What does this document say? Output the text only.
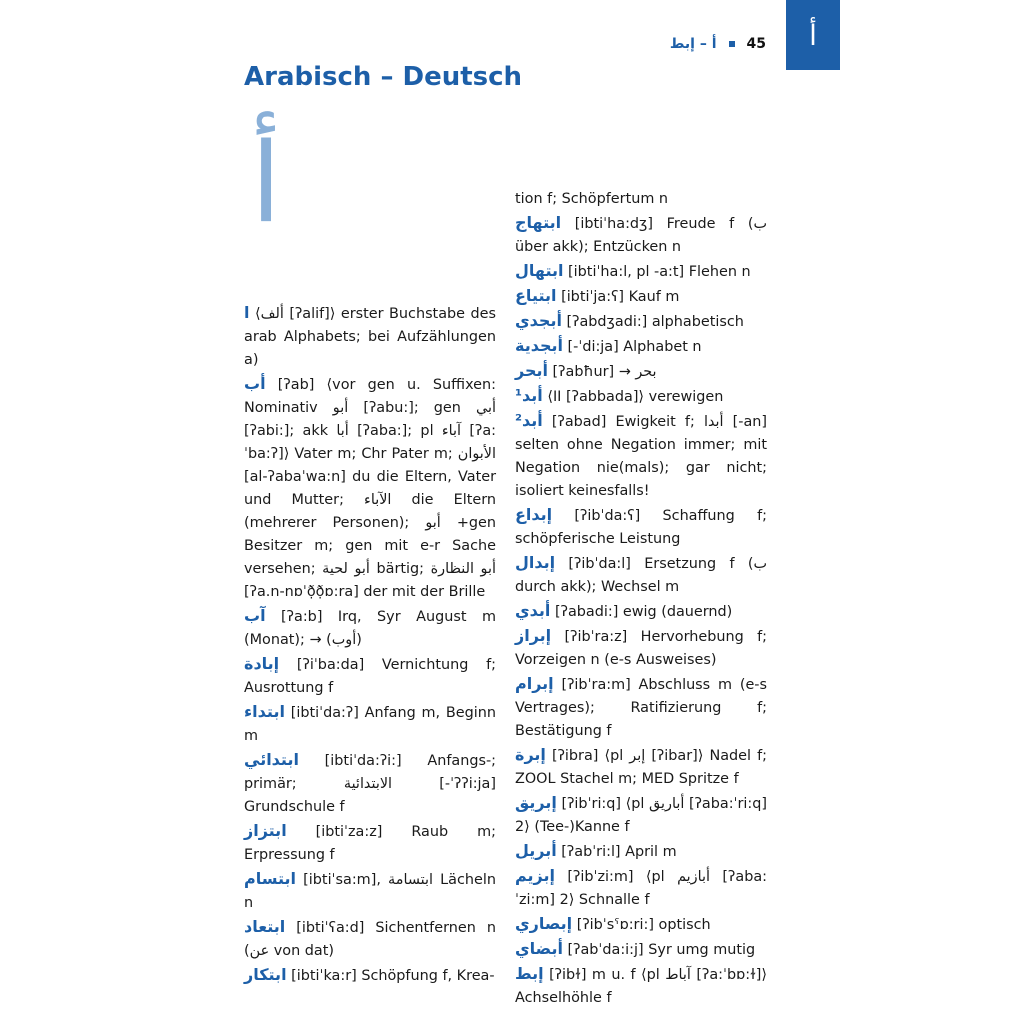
أ
أ – إبط 45
Arabisch – Deutsch
أ

ا ⟨ألف [ʔalif]⟩ erster Buchstabe des arab Alphabets; bei Aufzählungen a)

أب [ʔab] ⟨vor gen u. Suffixen: Nominativ أبو [ʔabu:]; gen أبي [ʔabi:]; akk أبا [ʔaba:]; pl آباء [ʔa:ˈba:ʔ]⟩ Vater m; Chr Pater m; الأبوان [al-ʔabaˈwa:n] du die Eltern, Vater und Mutter; الآباء die Eltern (mehrerer Personen); أبو +gen Besitzer m; gen mit e-r Sache versehen; أبو لحية bärtig; أبو النظارة [ʔa.n-nɒˈð̣ð̣ɒ:ra] der mit der Brille

آب [ʔa:b] Irq, Syr August m (Monat); → (أوب)

إبادة [ʔiˈba:da] Vernichtung f; Ausrottung f

ابتداء [ibtiˈda:ʔ] Anfang m, Beginn m

ابتدائي [ibtiˈda:ʔi:] Anfangs-; primär; الابتدائية [-ˈʔʔi:ja] Grundschule f

ابتزاز [ibtiˈza:z] Raub m; Erpressung f

ابتسام [ibtiˈsa:m], ابتسامة Lächeln n

ابتعاد [ibtiˈʕa:d] Sichentfernen n (عن von dat)

ابتكار [ibtiˈka:r] Schöpfung f, Krea-

tion f; Schöpfertum n

ابتهاج [ibtiˈha:dʒ] Freude f (ب über akk); Entzücken n

ابتهال [ibtiˈha:l, pl -a:t] Flehen n

ابتياع [ibtiˈja:ʕ] Kauf m

أبجدي [ʔabdʒadi:] alphabetisch

أبجدية [-ˈdi:ja] Alphabet n

أبحر [ʔabħur] → بحر

¹أبد ⟨II [ʔabbada]⟩ verewigen

²أبد [ʔabad] Ewigkeit f; أبدا [-an] selten ohne Negation immer; mit Negation nie(mals); gar nicht; isoliert keinesfalls!

إبداع [ʔibˈda:ʕ] Schaffung f; schöpferische Leistung

إبدال [ʔibˈda:l] Ersetzung f (ب durch akk); Wechsel m

أبدي [ʔabadi:] ewig (dauernd)

إبراز [ʔibˈra:z] Hervorhebung f; Vorzeigen n (e-s Ausweises)

إبرام [ʔibˈra:m] Abschluss m (e-s Vertrages); Ratifizierung f; Bestätigung f

إبرة [ʔibra] ⟨pl إبر [ʔibar]⟩ Nadel f; ZOOL Stachel m; MED Spritze f

إبريق [ʔibˈri:q] ⟨pl أباريق [ʔaba:ˈri:q] 2⟩ (Tee-)Kanne f

أبريل [ʔabˈri:l] April m

إبزيم [ʔibˈzi:m] ⟨pl أبازيم [ʔaba:ˈzi:m] 2⟩ Schnalle f

إبصاري [ʔibˈsˤɒ:ri:] optisch

أبضاي [ʔabˈda:i:j] Syr umg mutig

إبط [ʔibɫ] m u. f ⟨pl آباط [ʔa:ˈbɒ:ɫ]⟩ Achselhöhle f
